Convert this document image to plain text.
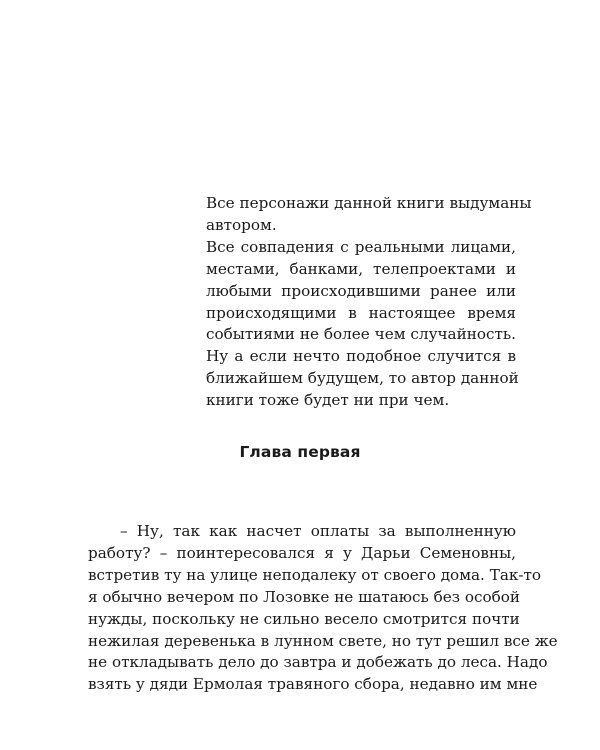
Все персонажи данной книги выдуманы
автором.
Все совпадения с реальными лицами,
местами, банками, телепроектами и
любыми происходившими ранее или
происходящими в настоящее время
событиями не более чем случайность.
Ну а если нечто подобное случится в
ближайшем будущем, то автор данной
книги тоже будет ни при чем.
Глава первая
– Ну, так как насчет оплаты за выполненную
работу? – поинтересовался я у Дарьи Семеновны,
встретив ту на улице неподалеку от своего дома. Так-то
я обычно вечером по Лозовке не шатаюсь без особой
нужды, поскольку не сильно весело смотрится почти
нежилая деревенька в лунном свете, но тут решил все же
не откладывать дело до завтра и добежать до леса. Надо
взять у дяди Ермолая травяного сбора, недавно им мне
